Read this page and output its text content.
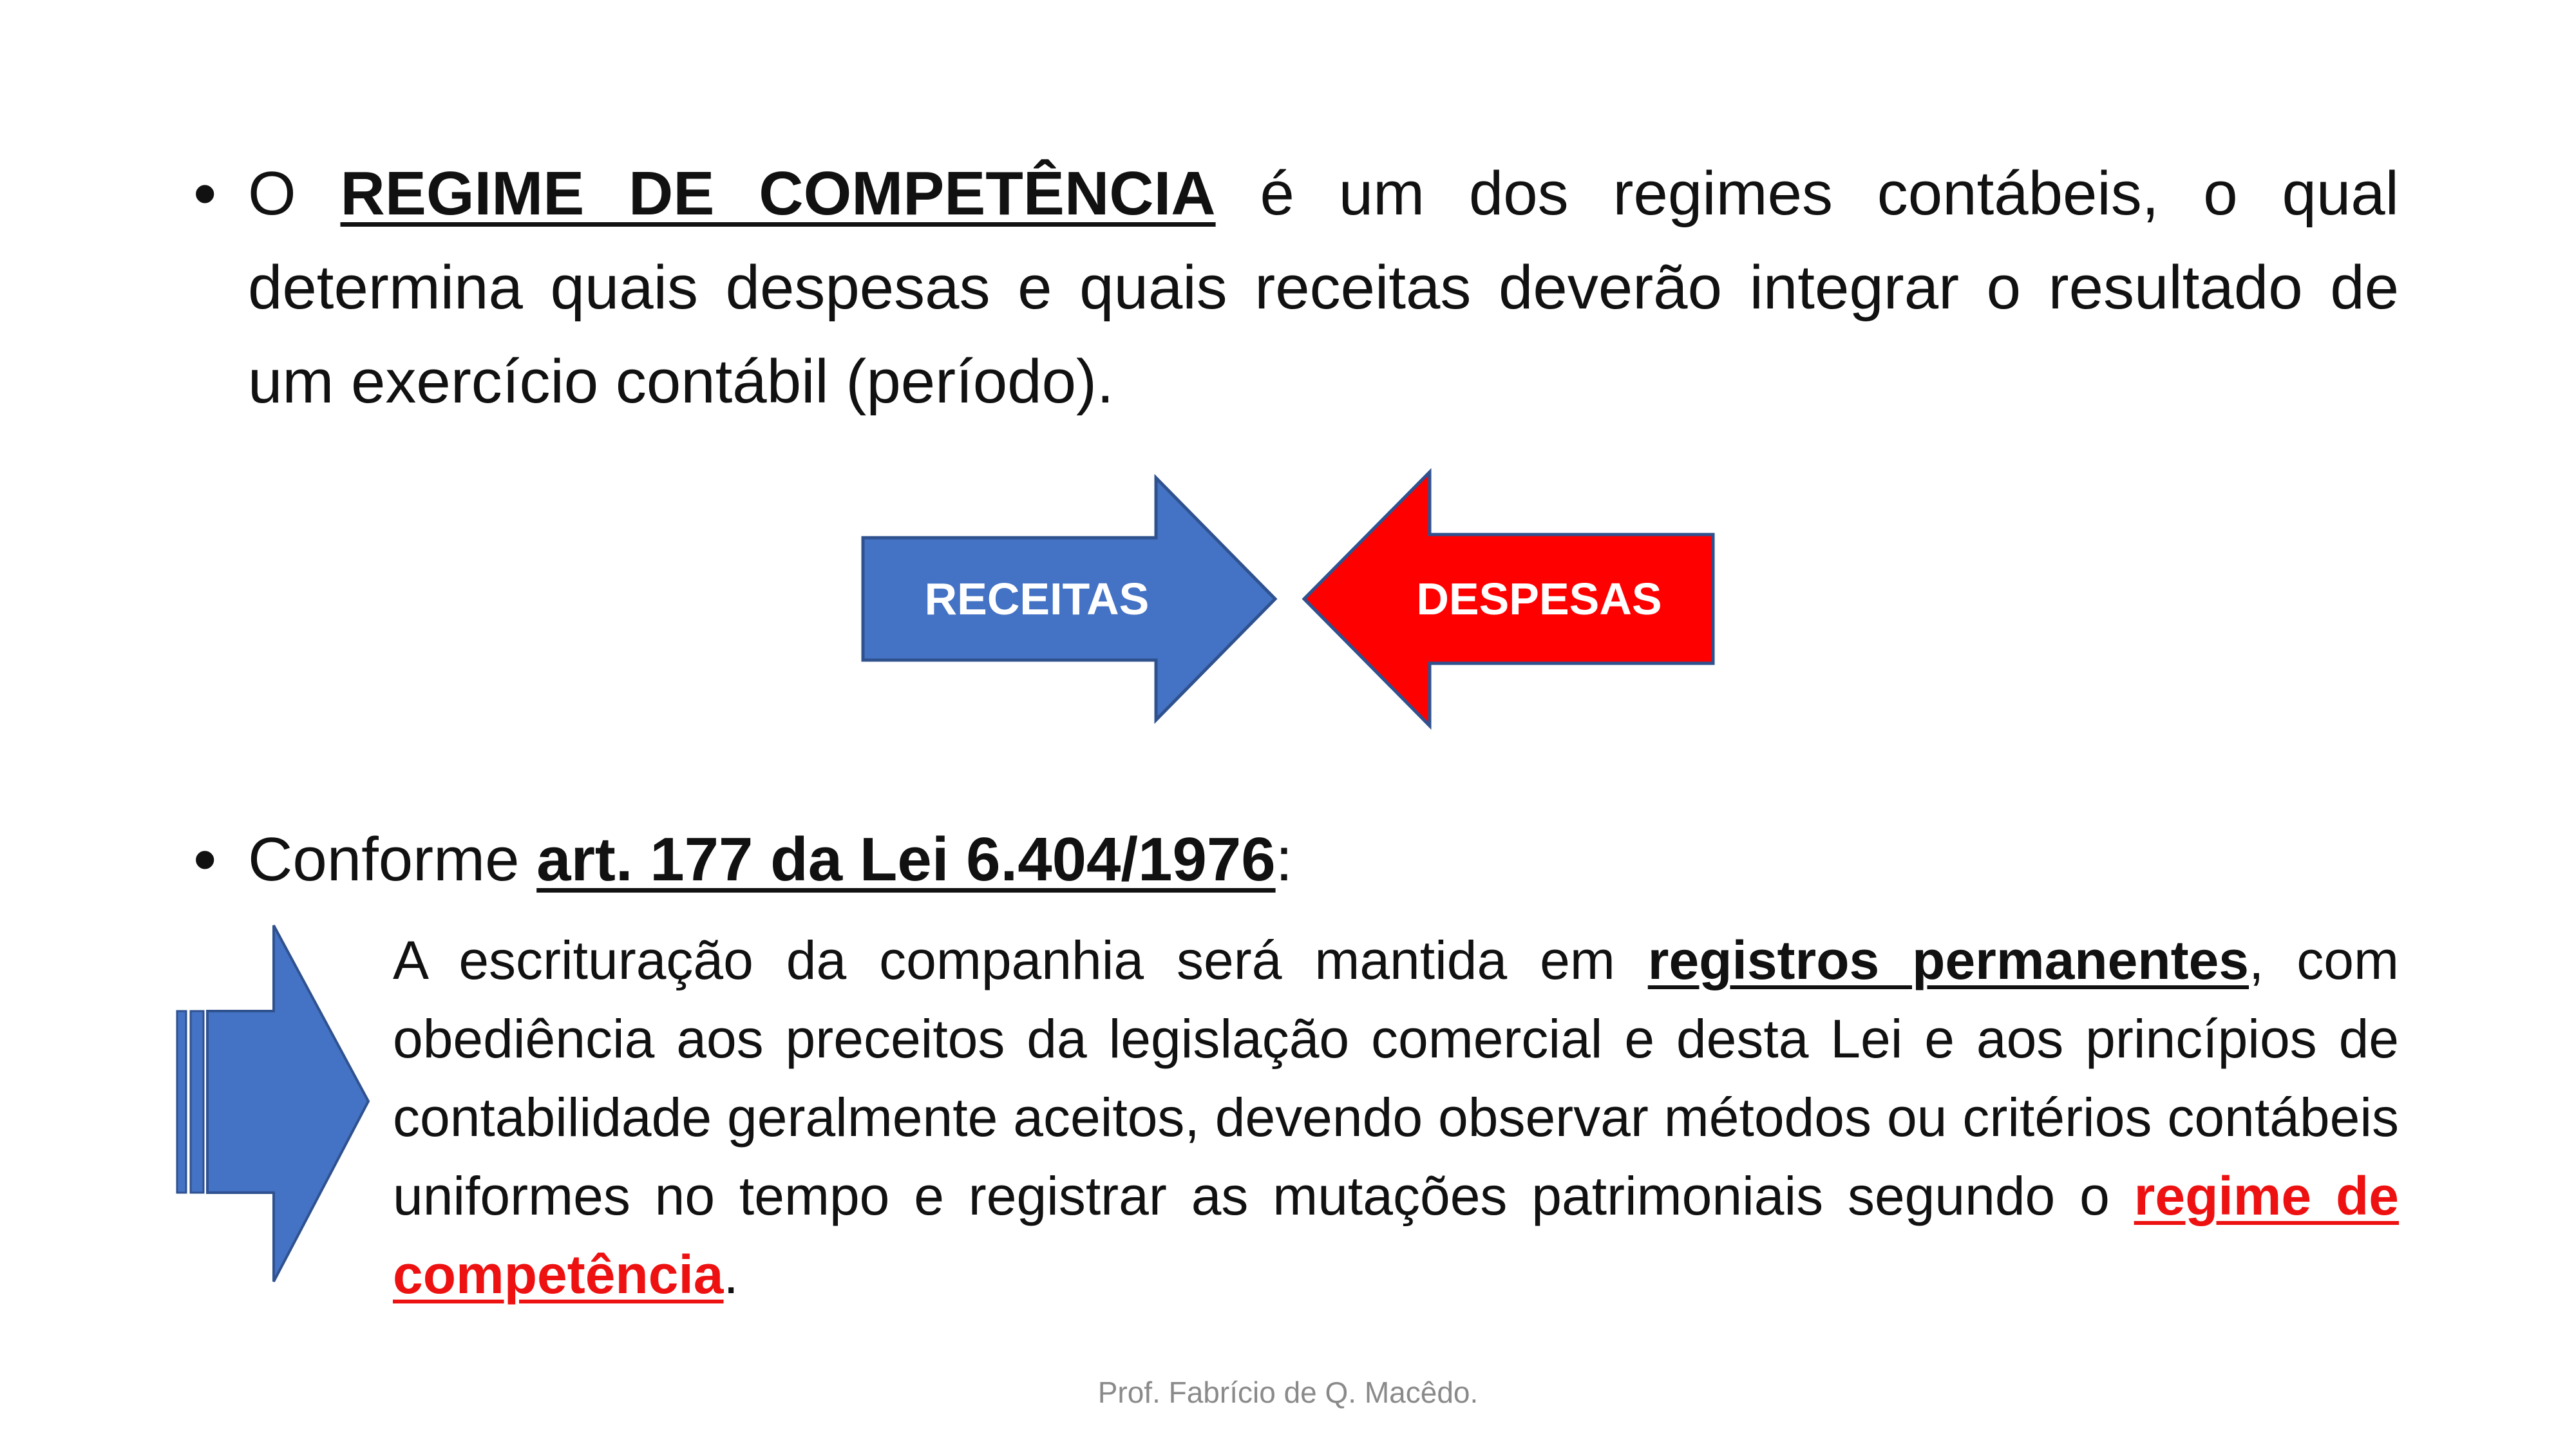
• O REGIME DE COMPETÊNCIA é um dos regimes contábeis, o qual determina quais despesas e quais receitas deverão integrar o resultado de um exercício contábil (período).
RECEITAS	DESPESAS
• Conforme art. 177 da Lei 6.404/1976:
A escrituração da companhia será mantida em registros permanentes, com obediência aos preceitos da legislação comercial e desta Lei e aos princípios de contabilidade geralmente aceitos, devendo observar métodos ou critérios contábeis uniformes no tempo e registrar as mutações patrimoniais segundo o regime de competência.
Prof. Fabrício de Q. Macêdo.
